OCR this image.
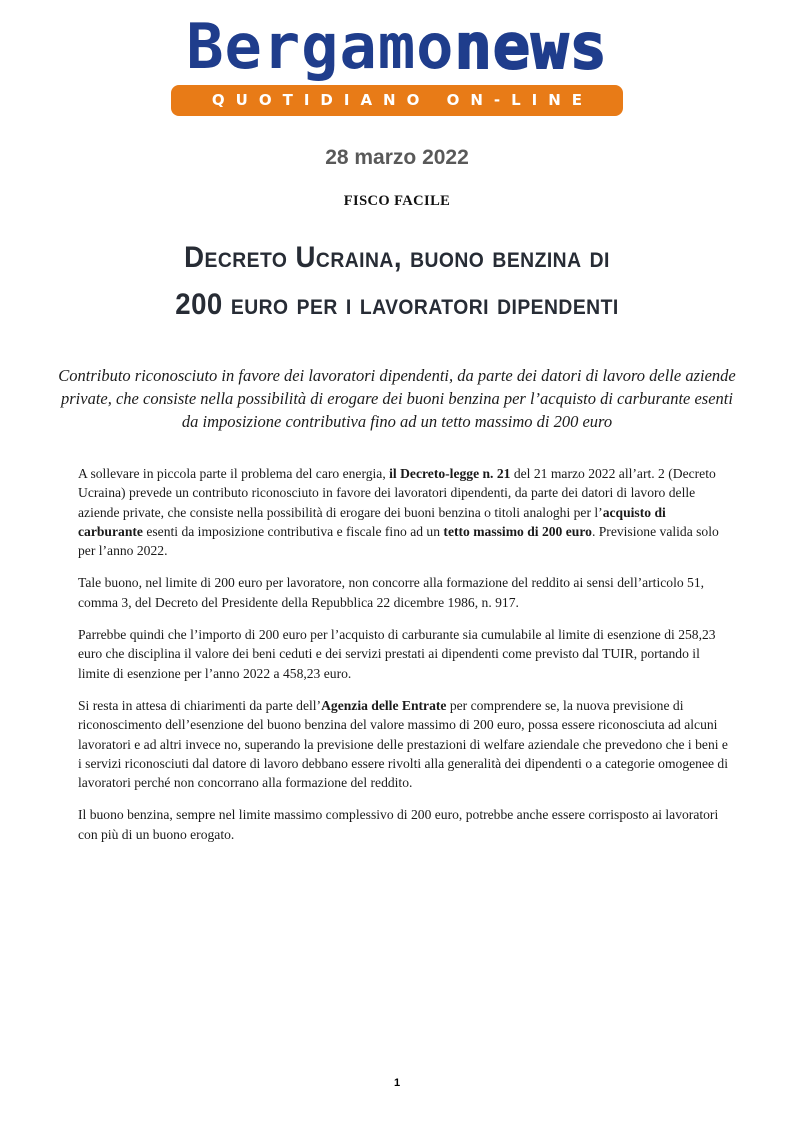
Bergamonews
QUOTIDIANO ON-LINE
28 marzo 2022
FISCO FACILE
Decreto Ucraina, buono benzina di
200 euro per i lavoratori dipendenti
Contributo riconosciuto in favore dei lavoratori dipendenti, da parte dei datori di lavoro delle aziende private, che consiste nella possibilità di erogare dei buoni benzina per l’acquisto di carburante esenti da imposizione contributiva fino ad un tetto massimo di 200 euro

A sollevare in piccola parte il problema del caro energia, il Decreto-legge n. 21 del 21 marzo 2022 all’art. 2 (Decreto Ucraina) prevede un contributo riconosciuto in favore dei lavoratori dipendenti, da parte dei datori di lavoro delle aziende private, che consiste nella possibilità di erogare dei buoni benzina o titoli analoghi per l’acquisto di carburante esenti da imposizione contributiva e fiscale fino ad un tetto massimo di 200 euro. Previsione valida solo per l’anno 2022.

Tale buono, nel limite di 200 euro per lavoratore, non concorre alla formazione del reddito ai sensi dell’articolo 51, comma 3, del Decreto del Presidente della Repubblica 22 dicembre 1986, n. 917.

Parrebbe quindi che l’importo di 200 euro per l’acquisto di carburante sia cumulabile al limite di esenzione di 258,23 euro che disciplina il valore dei beni ceduti e dei servizi prestati ai dipendenti come previsto dal TUIR, portando il limite di esenzione per l’anno 2022 a 458,23 euro.

Si resta in attesa di chiarimenti da parte dell’Agenzia delle Entrate per comprendere se, la nuova previsione di riconoscimento dell’esenzione del buono benzina del valore massimo di 200 euro, possa essere riconosciuta ad alcuni lavoratori e ad altri invece no, superando la previsione delle prestazioni di welfare aziendale che prevedono che i beni e i servizi riconosciuti dal datore di lavoro debbano essere rivolti alla generalità dei dipendenti o a categorie omogenee di lavoratori perché non concorrano alla formazione del reddito.

Il buono benzina, sempre nel limite massimo complessivo di 200 euro, potrebbe anche essere corrisposto ai lavoratori con più di un buono erogato.

1
